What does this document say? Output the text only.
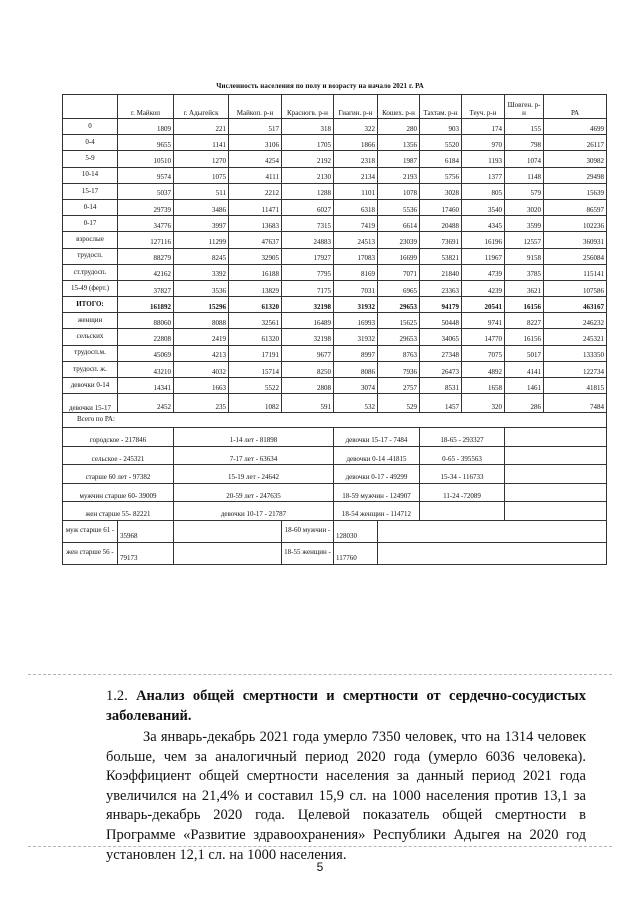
Численность населения по полу и возрасту на начало 2021 г. РА
	г. Майкоп	г. Адыгейск	Майкоп. р-н	Красногв. р-н	Гиагин. р-н	Кошех. р-н	Тахтам. р-н	Теуч. р-н	Шовген. р-н	РА
0	1809	221	517	318	322	280	903	174	155	4699
0-4	9655	1141	3106	1705	1866	1356	5520	970	798	26117
5-9	10510	1270	4254	2192	2318	1987	6184	1193	1074	30982
10-14	9574	1075	4111	2130	2134	2193	5756	1377	1148	29498
15-17	5037	511	2212	1288	1101	1078	3028	805	579	15639
0-14	29739	3486	11471	6027	6318	5536	17460	3540	3020	86597
0-17	34776	3997	13683	7315	7419	6614	20488	4345	3599	102236
взрослые	127116	11299	47637	24883	24513	23039	73691	16196	12557	360931
трудосп.	88279	8245	32905	17927	17083	16699	53821	11967	9158	256084
ст.трудосп.	42162	3392	16188	7795	8169	7071	21840	4739	3785	115141
15-49 (ферт.)	37827	3536	13829	7175	7031	6965	23363	4239	3621	107586
ИТОГО:	161892	15296	61320	32198	31932	29653	94179	20541	16156	463167
женщин	88060	8088	32561	16489	16993	15625	50448	9741	8227	246232
сельских	22808	2419	61320	32198	31932	29653	34065	14770	16156	245321
трудосп.м.	45069	4213	17191	9677	8997	8763	27348	7075	5017	133350
трудосп. ж.	43210	4032	15714	8250	8086	7936	26473	4892	4141	122734
девочки 0-14	14341	1663	5522	2808	3074	2757	8531	1658	1461	41815
девочки 15-17	2452	235	1082	591	532	529	1457	320	286	7484
Всего по РА:										
городское - 217846		1-14 лет - 81898			девочки 15-17 - 7484		18-65 - 293327			
сельское - 245321		7-17 лет - 63634			девочки 0-14 -41815		0-65 - 395563			
старше 60 лет - 97382		15-19 лет - 24642			девочки 0-17 - 49299		15-34 - 116733			
мужчин старше 60- 39009		20-59 лет - 247635			18-59 мужчин - 124907		11-24 -72089			
жен старше 55- 82221		девочки 10-17 - 21787			18-54 женщин - 114712					
муж старше 61 -	35968			18-60 мужчин -	128030					
жен старше 56 -	79173			18-55 женщин -	117760					
1.2. Анализ общей смертности и смертности от сердечно-сосудистых заболеваний.
За январь-декабрь 2021 года умерло 7350 человек, что на 1314 человек больше, чем за аналогичный период 2020 года (умерло 6036 человека). Коэффициент общей смертности населения за данный период 2021 года увеличился на 21,4% и составил 15,9 сл. на 1000 населения против 13,1 за январь-декабрь 2020 года. Целевой показатель общей смертности в Программе «Развитие здравоохранения» Республики Адыгея на 2020 год установлен 12,1 сл. на 1000 населения.
5
